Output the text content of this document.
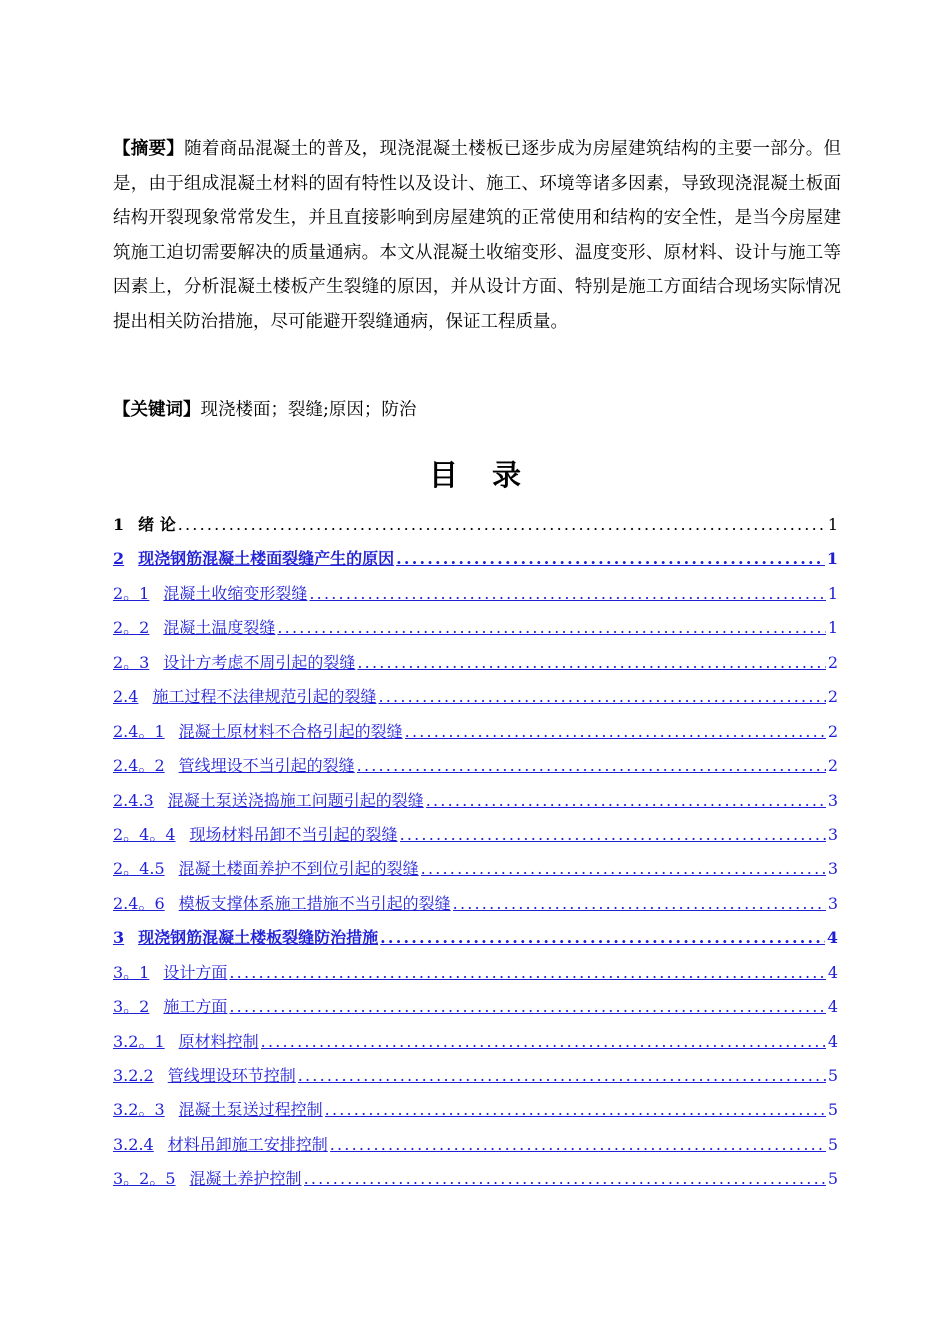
【摘要】随着商品混凝土的普及，现浇混凝土楼板已逐步成为房屋建筑结构的主要一部分。但是，由于组成混凝土材料的固有特性以及设计、施工、环境等诸多因素，导致现浇混凝土板面结构开裂现象常常发生，并且直接影响到房屋建筑的正常使用和结构的安全性，是当今房屋建筑施工迫切需要解决的质量通病。本文从混凝土收缩变形、温度变形、原材料、设计与施工等因素上，分析混凝土楼板产生裂缝的原因，并从设计方面、特别是施工方面结合现场实际情况提出相关防治措施，尽可能避开裂缝通病，保证工程质量。
【关键词】现浇楼面；裂缝;原因；防治
目录
1 绪 论 .....	1
2 现浇钢筋混凝土楼面裂缝产生的原因 .....	1
2。1 混凝土收缩变形裂缝 .....	1
2。2 混凝土温度裂缝 .....	1
2。3 设计方考虑不周引起的裂缝 .....	2
2.4 施工过程不法律规范引起的裂缝 .....	2
2.4。1 混凝土原材料不合格引起的裂缝 .....	2
2.4。2 管线埋设不当引起的裂缝 .....	2
2.4.3 混凝土泵送浇捣施工问题引起的裂缝 .....	3
2。4。4 现场材料吊卸不当引起的裂缝 .....	3
2。4.5 混凝土楼面养护不到位引起的裂缝 .....	3
2.4。6 模板支撑体系施工措施不当引起的裂缝 .....	3
3 现浇钢筋混凝土楼板裂缝防治措施 .....	4
3。1 设计方面 .....	4
3。2 施工方面 .....	4
3.2。1 原材料控制 .....	4
3.2.2 管线埋设环节控制 .....	5
3.2。3 混凝土泵送过程控制 .....	5
3.2.4 材料吊卸施工安排控制 .....	5
3。2。5 混凝土养护控制 .....	5
